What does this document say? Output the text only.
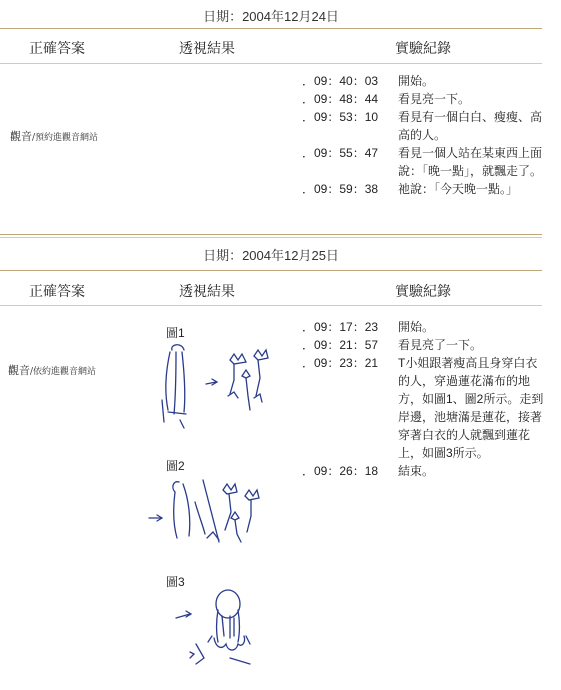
日期：2004年12月24日
正確答案	透視結果	實驗紀錄
觀音/預約進觀音網站
．09：40：03	開始。
．09：48：44	看見亮一下。
．09：53：10	看見有一個白白、瘦瘦、高高的人。
．09：55：47	看見一個人站在某東西上面說：「晚一點」，就飄走了。
．09：59：38	祂說：「今天晚一點。」
日期：2004年12月25日
正確答案	透視結果	實驗紀錄
觀音/依約進觀音網站
圖1
圖2
圖3
．09：17：23	開始。
．09：21：57	看見亮了一下。
．09：23：21	T小姐跟著瘦高且身穿白衣的人，穿過蓮花滿布的地方，如圖1、圖2所示。走到岸邊，池塘滿是蓮花，接著穿著白衣的人就飄到蓮花上，如圖3所示。
．09：26：18	結束。
